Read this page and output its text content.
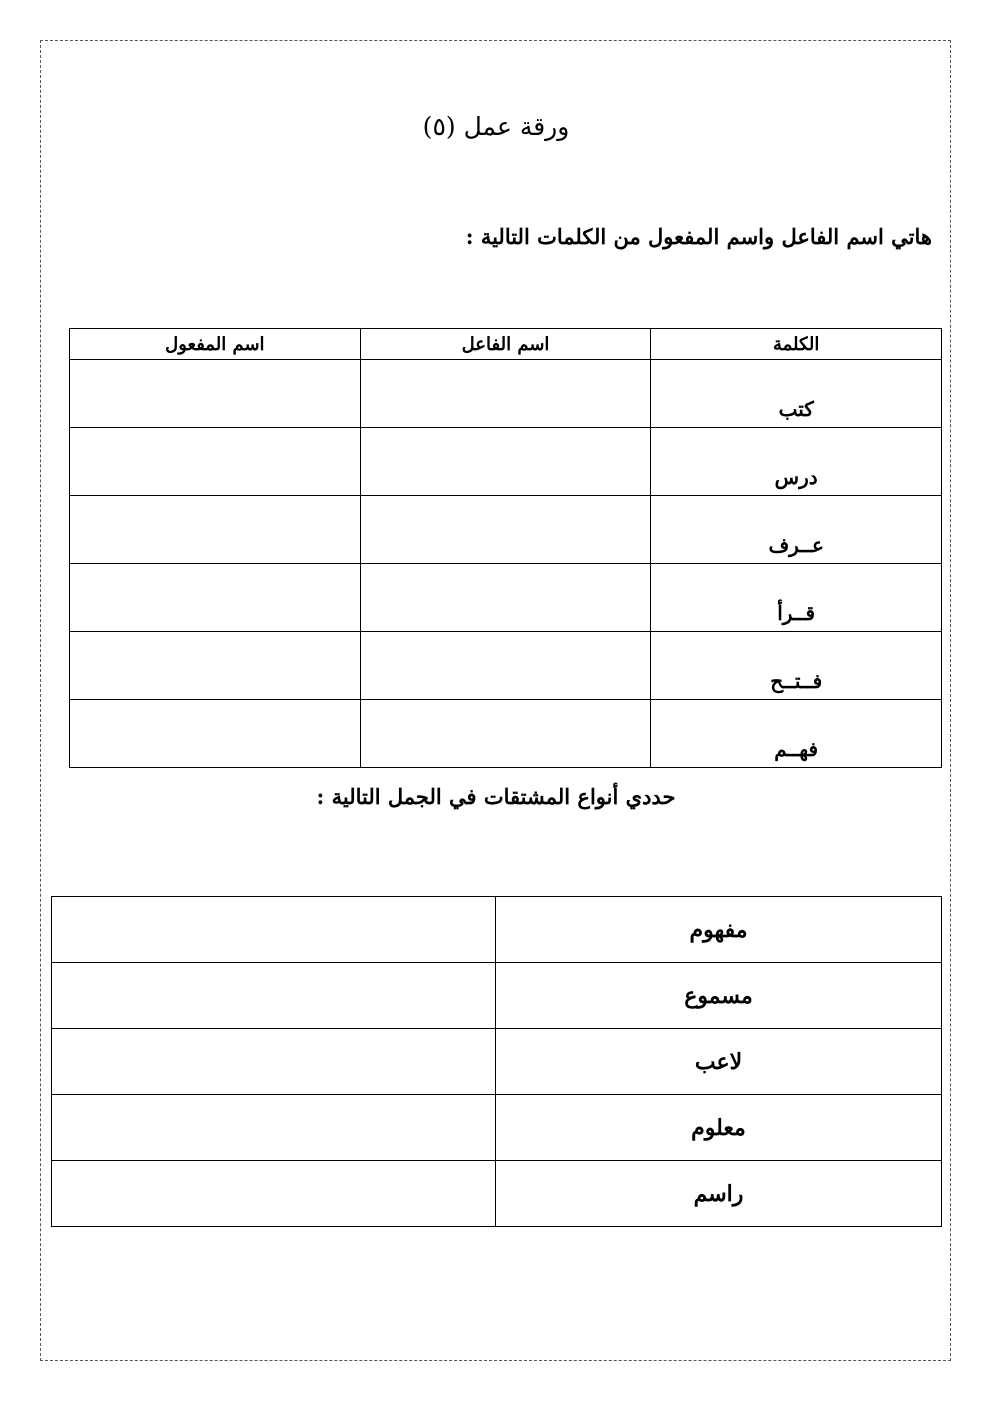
ورقة عمل (٥)
هاتي اسم الفاعل واسم المفعول من الكلمات التالية :
الكلمة	اسم الفاعل	اسم المفعول
كتب		
درس		
عــرف		
قــرأ		
فــتــح		
فهــم		
حددي أنواع المشتقات في الجمل التالية :
مفهوم	
مسموع	
لاعب	
معلوم	
راسم	
